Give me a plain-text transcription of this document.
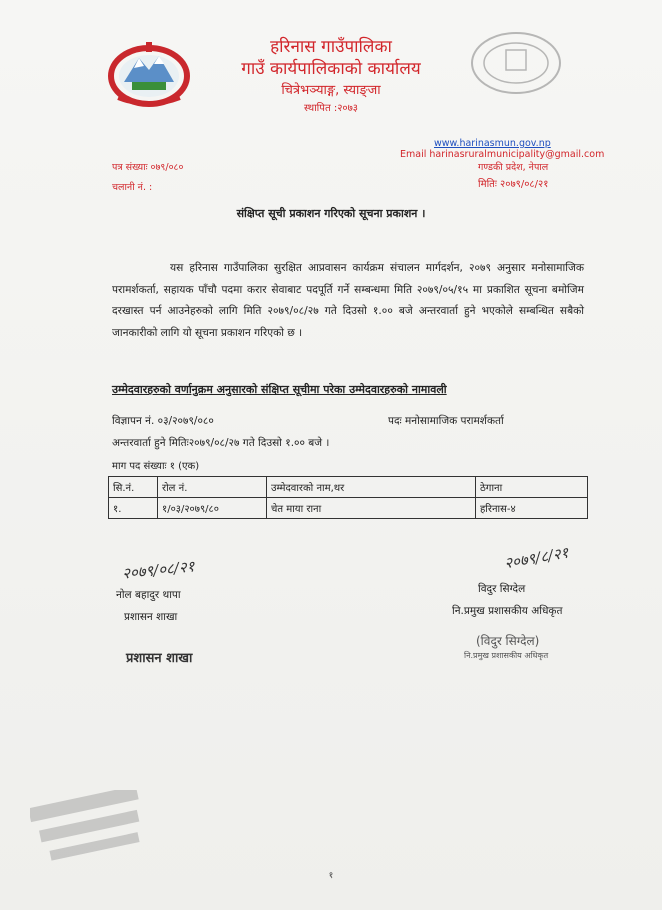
हरिनास गाउँपालिका
गाउँ कार्यपालिकाको कार्यालय
चित्रेभञ्याङ्ग, स्याङ्जा
स्थापित :२०७३
www.harinasmun.gov.np
Email harinasruralmunicipality@gmail.com
गण्डकी प्रदेश, नेपाल
पत्र संख्याः ०७९/०८०
चलानी नं. :	मितिः २०७९/०८/२१
संक्षिप्त सूची प्रकाशन गरिएको सूचना प्रकाशन ।

यस हरिनास गाउँपालिका सुरक्षित आप्रवासन कार्यक्रम संचालन मार्गदर्शन, २०७९ अनुसार मनोसामाजिक परामर्शकर्ता, सहायक पाँचौ पदमा करार सेवाबाट पदपूर्ति गर्ने सम्बन्धमा मिति २०७९/०५/१५ मा प्रकाशित सूचना बमोजिम दरखास्त पर्न आउनेहरुको लागि मिति २०७९/०८/२७ गते दिउसो १.०० बजे अन्तरवार्ता हुने भएकोले सम्बन्धित सबैको जानकारीको लागि यो सूचना प्रकाशन गरिएको छ ।

उम्मेदवारहरुको वर्णानुक्रम अनुसारको संक्षिप्त सूचीमा परेका उम्मेदवारहरुको नामावली
विज्ञापन नं. ०३/२०७९/०८०	पदः मनोसामाजिक परामर्शकर्ता
अन्तरवार्ता हुने मितिः२०७९/०८/२७ गते दिउसो १.०० बजे ।
माग पद संख्याः १ (एक)
सि.नं.	रोल नं.	उम्मेदवारको नाम,थर	ठेगाना
१.	१/०३/२०७९/८०	चेत माया राना	हरिनास-४
२०७९/०८/२१
नोल बहादुर थापा
प्रशासन शाखा
प्रशासन शाखा
२०७९/८/२१
विदुर सिग्देल
नि.प्रमुख प्रशासकीय अधिकृत
(विदुर सिग्देल)
नि.प्रमुख प्रशासकीय अधिकृत
१
